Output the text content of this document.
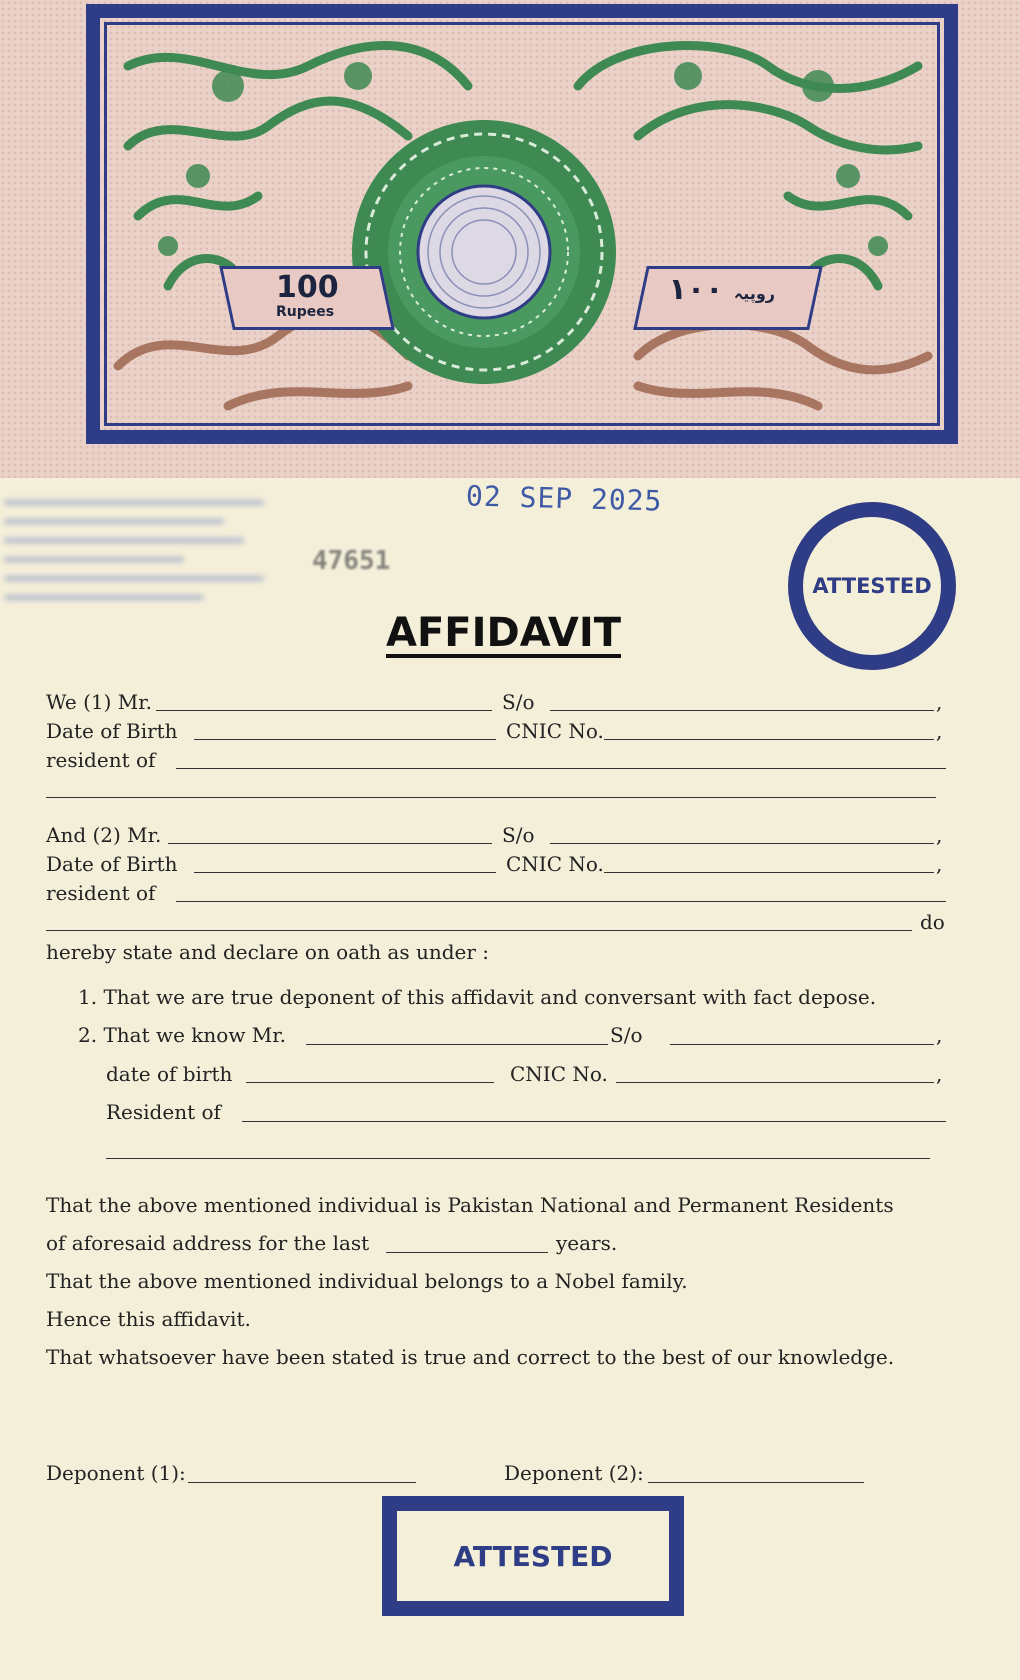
100
Rupees
۱۰۰ روپیہ
02 SEP 2025
47651
ATTESTED
AFFIDAVIT
We (1) Mr.	S/o	,
Date of Birth	CNIC No.	,
resident of
And (2) Mr.	S/o	,
Date of Birth	CNIC No.	,
resident of
do
hereby state and declare on oath as under :
1. That we are true deponent of this affidavit and conversant with fact depose.
2. That we know Mr.	S/o	,
date of birth	CNIC No.	,
Resident of
That the above mentioned individual is Pakistan National and Permanent Residents
of aforesaid address for the last	years.
That the above mentioned individual belongs to a Nobel family.
Hence this affidavit.
That whatsoever have been stated is true and correct to the best of our knowledge.
Deponent (1):	Deponent (2):
ATTESTED
